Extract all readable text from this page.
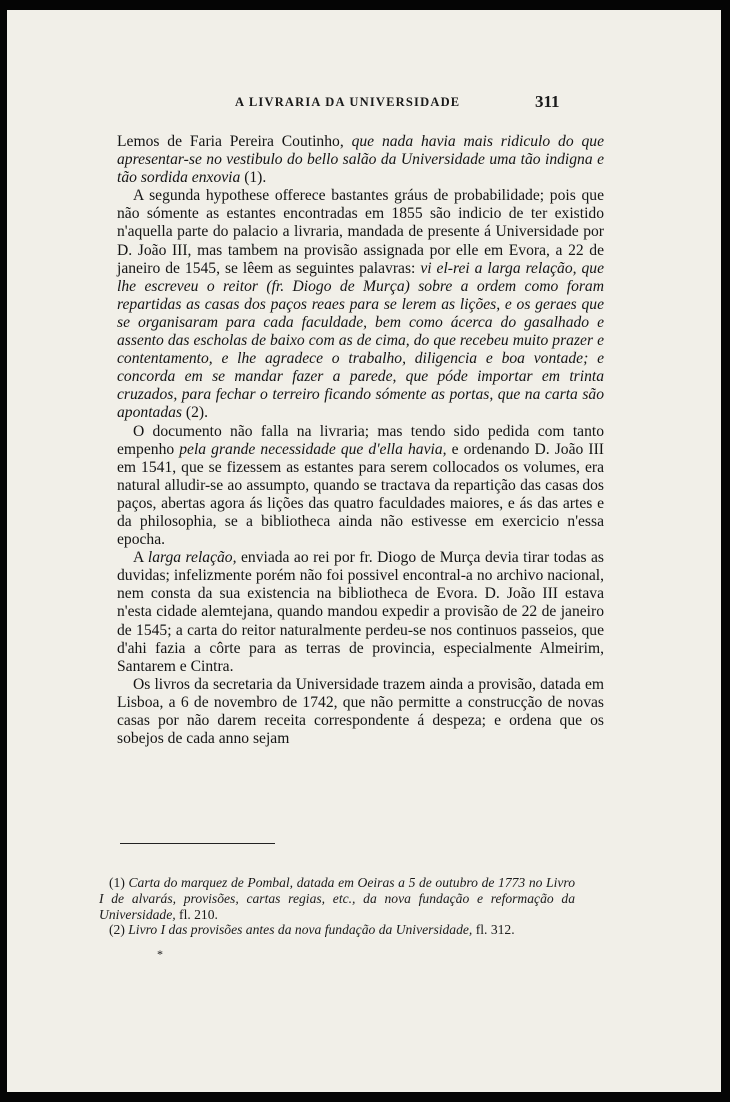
A LIVRARIA DA UNIVERSIDADE	311

Lemos de Faria Pereira Coutinho, que nada havia mais ridiculo do que apresentar-se no vestibulo do bello salão da Universidade uma tão indigna e tão sordida enxovia (1).

A segunda hypothese offerece bastantes gráus de probabilidade; pois que não sómente as estantes encontradas em 1855 são indicio de ter existido n'aquella parte do palacio a livraria, mandada de presente á Universidade por D. João III, mas tambem na provisão assignada por elle em Evora, a 22 de janeiro de 1545, se lêem as seguintes palavras: vi el-rei a larga relação, que lhe escreveu o reitor (fr. Diogo de Murça) sobre a ordem como foram repartidas as casas dos paços reaes para se lerem as lições, e os geraes que se organisaram para cada faculdade, bem como ácerca do gasalhado e assento das escholas de baixo com as de cima, do que recebeu muito prazer e contentamento, e lhe agradece o trabalho, diligencia e boa vontade; e concorda em se mandar fazer a parede, que póde importar em trinta cruzados, para fechar o terreiro ficando sómente as portas, que na carta são apontadas (2).

O documento não falla na livraria; mas tendo sido pedida com tanto empenho pela grande necessidade que d'ella havia, e ordenando D. João III em 1541, que se fizessem as estantes para serem collocados os volumes, era natural alludir-se ao assumpto, quando se tractava da repartição das casas dos paços, abertas agora ás lições das quatro faculdades maiores, e ás das artes e da philosophia, se a bibliotheca ainda não estivesse em exercicio n'essa epocha.

A larga relação, enviada ao rei por fr. Diogo de Murça devia tirar todas as duvidas; infelizmente porém não foi possivel encontral-a no archivo nacional, nem consta da sua existencia na bibliotheca de Evora. D. João III estava n'esta cidade alemtejana, quando mandou expedir a provisão de 22 de janeiro de 1545; a carta do reitor naturalmente perdeu-se nos continuos passeios, que d'ahi fazia a côrte para as terras de provincia, especialmente Almeirim, Santarem e Cintra.

Os livros da secretaria da Universidade trazem ainda a provisão, datada em Lisboa, a 6 de novembro de 1742, que não permitte a construcção de novas casas por não darem receita correspondente á despeza; e ordena que os sobejos de cada anno sejam

(1) Carta do marquez de Pombal, datada em Oeiras a 5 de outubro de 1773 no Livro I de alvarás, provisões, cartas regias, etc., da nova fundação e reformação da Universidade, fl. 210.

(2) Livro I das provisões antes da nova fundação da Universidade, fl. 312.

*
